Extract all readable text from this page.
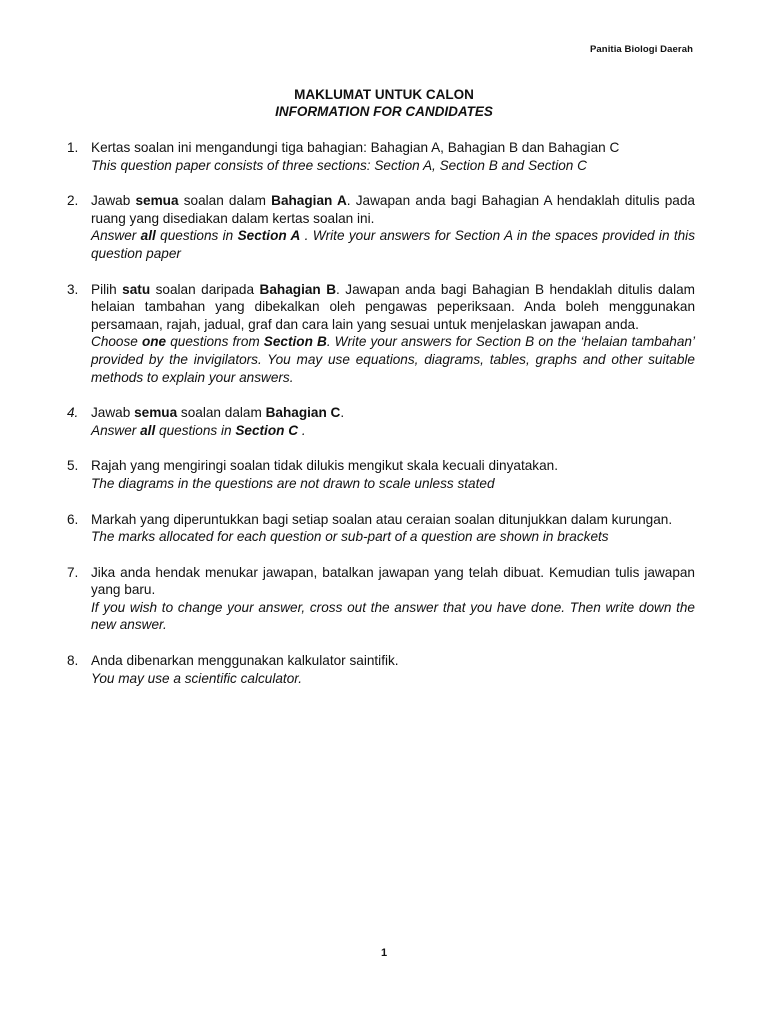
Panitia Biologi Daerah
MAKLUMAT UNTUK CALON
INFORMATION FOR CANDIDATES
1. Kertas soalan ini mengandungi tiga bahagian: Bahagian A, Bahagian B dan Bahagian C
This question paper consists of three sections: Section A, Section B and Section C
2. Jawab semua soalan dalam Bahagian A. Jawapan anda bagi Bahagian A hendaklah ditulis pada ruang yang disediakan dalam kertas soalan ini.
Answer all questions in Section A . Write your answers for Section A in the spaces provided in this question paper
3. Pilih satu soalan daripada Bahagian B. Jawapan anda bagi Bahagian B hendaklah ditulis dalam helaian tambahan yang dibekalkan oleh pengawas peperiksaan. Anda boleh menggunakan persamaan, rajah, jadual, graf dan cara lain yang sesuai untuk menjelaskan jawapan anda.
Choose one questions from Section B. Write your answers for Section B on the ‘helaian tambahan’ provided by the invigilators. You may use equations, diagrams, tables, graphs and other suitable methods to explain your answers.
4. Jawab semua soalan dalam Bahagian C.
Answer all questions in Section C .
5. Rajah yang mengiringi soalan tidak dilukis mengikut skala kecuali dinyatakan.
The diagrams in the questions are not drawn to scale unless stated
6. Markah yang diperuntukkan bagi setiap soalan atau ceraian soalan ditunjukkan dalam kurungan.
The marks allocated for each question or sub-part of a question are shown in brackets
7. Jika anda hendak menukar jawapan, batalkan jawapan yang telah dibuat. Kemudian tulis jawapan yang baru.
If you wish to change your answer, cross out the answer that you have done. Then write down the new answer.
8. Anda dibenarkan menggunakan kalkulator saintifik.
You may use a scientific calculator.
1
